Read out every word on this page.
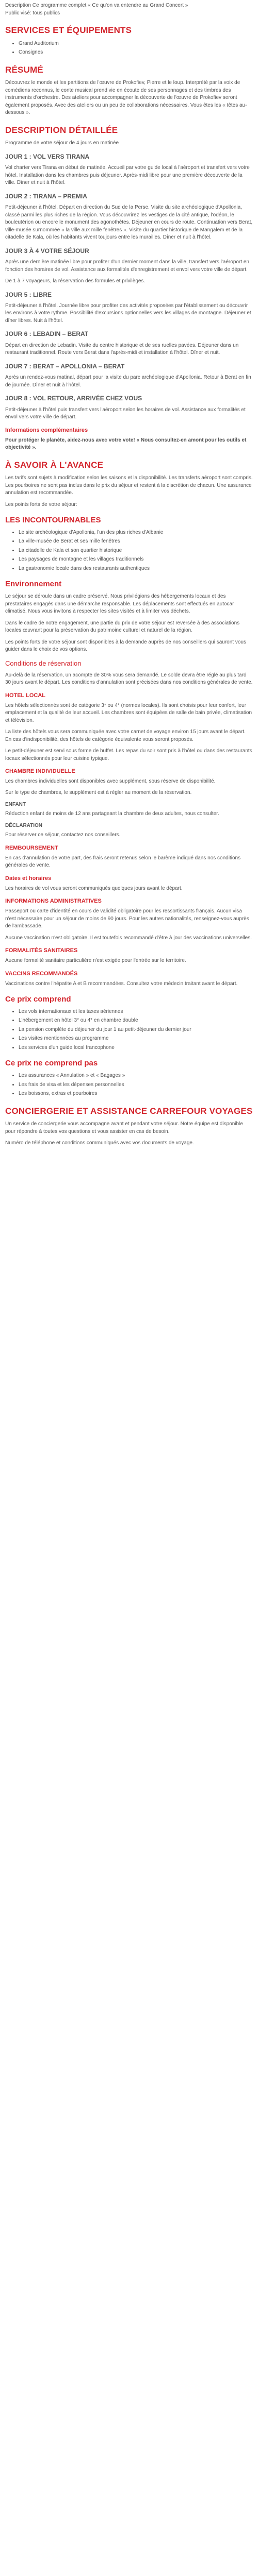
Description Ce programme complet « Ce qu'on va entendre au Grand Concert »

Public visé: tous publics

SERVICES ET ÉQUIPEMENTS
• Grand Auditorium
• Consignes
RÉSUMÉ

Découvrez le monde et les partitions de l'œuvre de Prokofiev, Pierre et le loup. Interprété par la voix de comédiens reconnus, le conte musical prend vie en écoute de ses personnages et des timbres des instruments d'orchestre. Des ateliers pour accompagner la découverte de l'œuvre de Prokofiev seront également proposés. Avec des ateliers ou un peu de collaborations nécessaires. Vous êtes les « têtes au-dessous ».

DESCRIPTION DÉTAILLÉE

Programme de votre séjour de 4 jours en matinée

JOUR 1 : VOL VERS TIRANA

Vol charter vers Tirana en début de matinée. Accueil par votre guide local à l'aéroport et transfert vers votre hôtel. Installation dans les chambres puis déjeuner. Après-midi libre pour une première découverte de la ville. Dîner et nuit à l'hôtel.

JOUR 2 : TIRANA – PREMIA

Petit-déjeuner à l'hôtel. Départ en direction du Sud de la Perse. Visite du site archéologique d'Apollonia, classé parmi les plus riches de la région. Vous découvrirez les vestiges de la cité antique, l'odéon, le bouleutérion ou encore le monument des agonothètes. Déjeuner en cours de route. Continuation vers Berat, ville-musée surnommée « la ville aux mille fenêtres ». Visite du quartier historique de Mangalem et de la citadelle de Kala, où les habitants vivent toujours entre les murailles. Dîner et nuit à l'hôtel.

JOUR 3 À 4 VOTRE SÉJOUR

Après une dernière matinée libre pour profiter d'un dernier moment dans la ville, transfert vers l'aéroport en fonction des horaires de vol. Assistance aux formalités d'enregistrement et envol vers votre ville de départ.

De 1 à 7 voyageurs, la réservation des formules et privilèges.

JOUR 5 : LIBRE

Petit-déjeuner à l'hôtel. Journée libre pour profiter des activités proposées par l'établissement ou découvrir les environs à votre rythme. Possibilité d'excursions optionnelles vers les villages de montagne. Déjeuner et dîner libres. Nuit à l'hôtel.

JOUR 6 : LEBADIN – BERAT

Départ en direction de Lebadin. Visite du centre historique et de ses ruelles pavées. Déjeuner dans un restaurant traditionnel. Route vers Berat dans l'après-midi et installation à l'hôtel. Dîner et nuit.

JOUR 7 : BERAT – APOLLONIA – BERAT

Après un rendez-vous matinal, départ pour la visite du parc archéologique d'Apollonia. Retour à Berat en fin de journée. Dîner et nuit à l'hôtel.

JOUR 8 : VOL RETOUR, ARRIVÉE CHEZ VOUS

Petit-déjeuner à l'hôtel puis transfert vers l'aéroport selon les horaires de vol. Assistance aux formalités et envol vers votre ville de départ.

Informations complémentaires

Pour protéger le planète, aidez-nous avec votre vote! « Nous consultez-en amont pour les outils et objectivité ».

À SAVOIR À L'AVANCE

Les tarifs sont sujets à modification selon les saisons et la disponibilité. Les transferts aéroport sont compris. Les pourboires ne sont pas inclus dans le prix du séjour et restent à la discrétion de chacun. Une assurance annulation est recommandée.

Les points forts de votre séjour:

LES INCONTOURNABLES
• Le site archéologique d'Apollonia, l'un des plus riches d'Albanie
• La ville-musée de Berat et ses mille fenêtres
• La citadelle de Kala et son quartier historique
• Les paysages de montagne et les villages traditionnels
• La gastronomie locale dans des restaurants authentiques
Environnement

Le séjour se déroule dans un cadre préservé. Nous privilégions des hébergements locaux et des prestataires engagés dans une démarche responsable. Les déplacements sont effectués en autocar climatisé. Nous vous invitons à respecter les sites visités et à limiter vos déchets.

Dans le cadre de notre engagement, une partie du prix de votre séjour est reversée à des associations locales œuvrant pour la préservation du patrimoine culturel et naturel de la région.

Les points forts de votre séjour sont disponibles à la demande auprès de nos conseillers qui sauront vous guider dans le choix de vos options.

Conditions de réservation

Au-delà de la réservation, un acompte de 30% vous sera demandé. Le solde devra être réglé au plus tard 30 jours avant le départ. Les conditions d'annulation sont précisées dans nos conditions générales de vente.

HOTEL LOCAL

Les hôtels sélectionnés sont de catégorie 3* ou 4* (normes locales). Ils sont choisis pour leur confort, leur emplacement et la qualité de leur accueil. Les chambres sont équipées de salle de bain privée, climatisation et télévision.

La liste des hôtels vous sera communiquée avec votre carnet de voyage environ 15 jours avant le départ. En cas d'indisponibilité, des hôtels de catégorie équivalente vous seront proposés.

Le petit-déjeuner est servi sous forme de buffet. Les repas du soir sont pris à l'hôtel ou dans des restaurants locaux sélectionnés pour leur cuisine typique.

CHAMBRE INDIVIDUELLE

Les chambres individuelles sont disponibles avec supplément, sous réserve de disponibilité.

Sur le type de chambres, le supplément est à régler au moment de la réservation.

ENFANT

Réduction enfant de moins de 12 ans partageant la chambre de deux adultes, nous consulter.

DÉCLARATION

Pour réserver ce séjour, contactez nos conseillers.

REMBOURSEMENT

En cas d'annulation de votre part, des frais seront retenus selon le barème indiqué dans nos conditions générales de vente.

Dates et horaires

Les horaires de vol vous seront communiqués quelques jours avant le départ.

INFORMATIONS ADMINISTRATIVES

Passeport ou carte d'identité en cours de validité obligatoire pour les ressortissants français. Aucun visa n'est nécessaire pour un séjour de moins de 90 jours. Pour les autres nationalités, renseignez-vous auprès de l'ambassade.

Aucune vaccination n'est obligatoire. Il est toutefois recommandé d'être à jour des vaccinations universelles.

FORMALITÉS SANITAIRES

Aucune formalité sanitaire particulière n'est exigée pour l'entrée sur le territoire.

VACCINS RECOMMANDÉS

Vaccinations contre l'hépatite A et B recommandées. Consultez votre médecin traitant avant le départ.

Ce prix comprend
• Les vols internationaux et les taxes aériennes
• L'hébergement en hôtel 3* ou 4* en chambre double
• La pension complète du déjeuner du jour 1 au petit-déjeuner du dernier jour
• Les visites mentionnées au programme
• Les services d'un guide local francophone
Ce prix ne comprend pas
• Les assurances « Annulation » et « Bagages »
• Les frais de visa et les dépenses personnelles
• Les boissons, extras et pourboires
CONCIERGERIE ET ASSISTANCE CARREFOUR VOYAGES

Un service de conciergerie vous accompagne avant et pendant votre séjour. Notre équipe est disponible pour répondre à toutes vos questions et vous assister en cas de besoin.

Numéro de téléphone et conditions communiqués avec vos documents de voyage.
